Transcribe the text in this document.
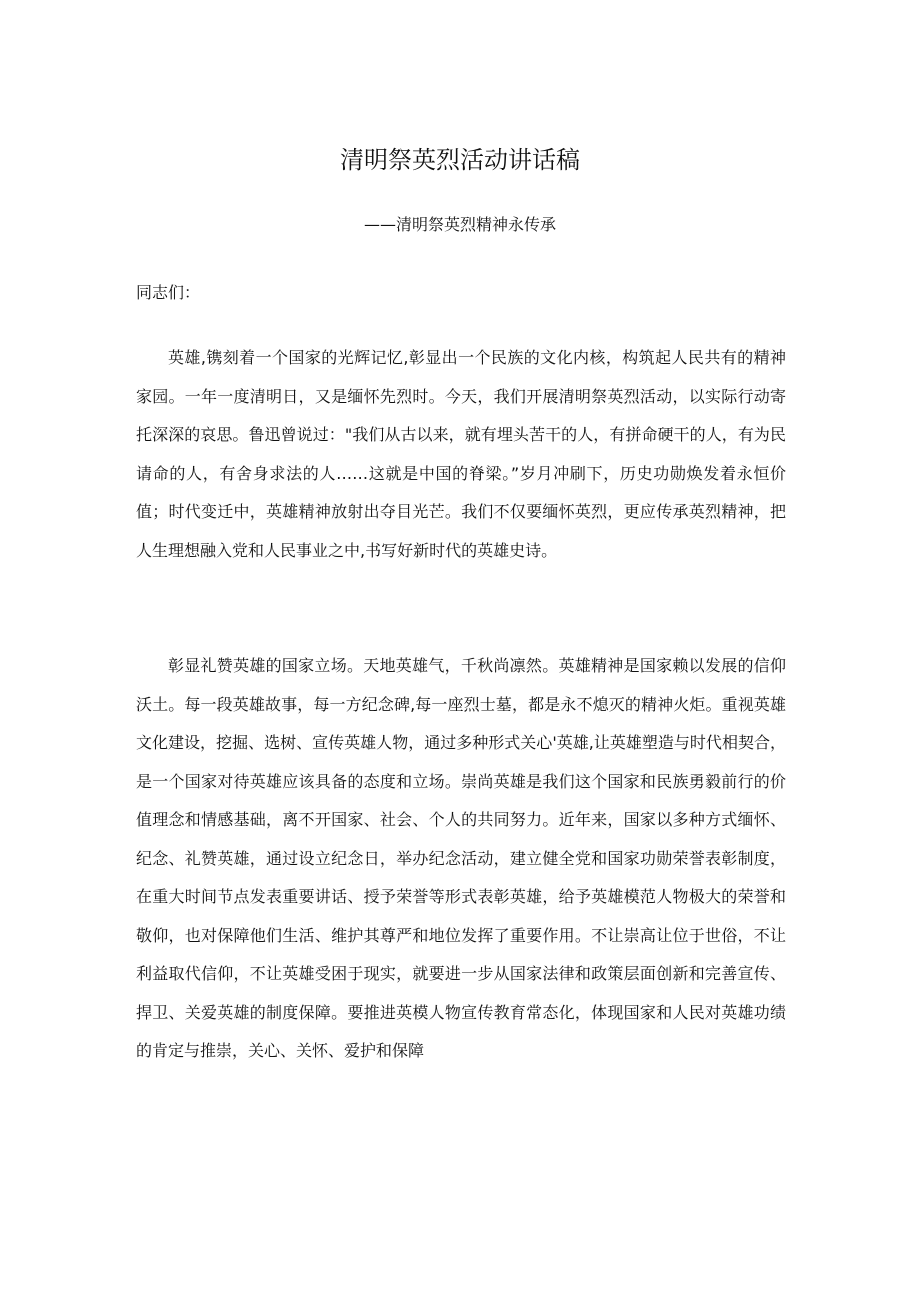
清明祭英烈活动讲话稿
——清明祭英烈精神永传承
同志们：

英雄,镌刻着一个国家的光辉记忆,彰显出一个民族的文化内核，构筑起人民共有的精神家园。一年一度清明日，又是缅怀先烈时。今天，我们开展清明祭英烈活动，以实际行动寄托深深的哀思。鲁迅曾说过："我们从古以来，就有埋头苦干的人，有拼命硬干的人，有为民请命的人，有舍身求法的人……这就是中国的脊梁。”岁月冲刷下，历史功勋焕发着永恒价值；时代变迁中，英雄精神放射出夺目光芒。我们不仅要缅怀英烈，更应传承英烈精神，把人生理想融入党和人民事业之中,书写好新时代的英雄史诗。

彰显礼赞英雄的国家立场。天地英雄气，千秋尚凛然。英雄精神是国家赖以发展的信仰沃土。每一段英雄故事，每一方纪念碑,每一座烈士墓，都是永不熄灭的精神火炬。重视英雄文化建设，挖掘、选树、宣传英雄人物，通过多种形式关心'英雄,让英雄塑造与时代相契合，是一个国家对待英雄应该具备的态度和立场。崇尚英雄是我们这个国家和民族勇毅前行的价值理念和情感基础，离不开国家、社会、个人的共同努力。近年来，国家以多种方式缅怀、纪念、礼赞英雄，通过设立纪念日，举办纪念活动，建立健全党和国家功勋荣誉表彰制度，在重大时间节点发表重要讲话、授予荣誉等形式表彰英雄，给予英雄模范人物极大的荣誉和敬仰，也对保障他们生活、维护其尊严和地位发挥了重要作用。不让崇高让位于世俗，不让利益取代信仰，不让英雄受困于现实，就要进一步从国家法律和政策层面创新和完善宣传、捍卫、关爱英雄的制度保障。要推进英模人物宣传教育常态化，体现国家和人民对英雄功绩的肯定与推崇，关心、关怀、爱护和保障
